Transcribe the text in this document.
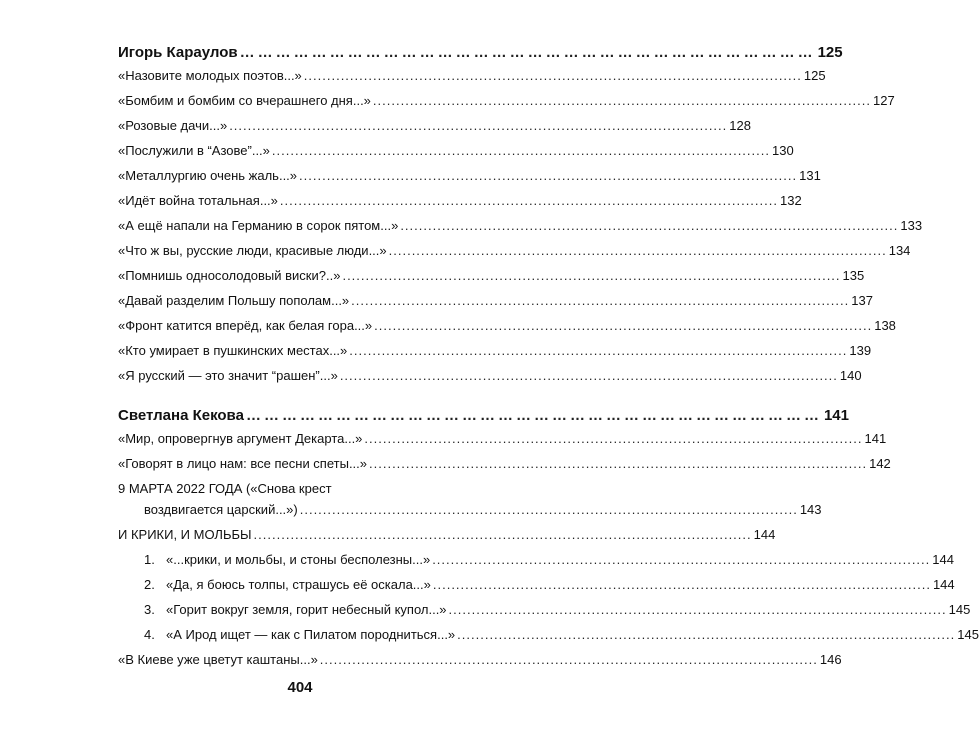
Игорь Караулов …………………………………………………………………………………… 125
«Назовите молодых поэтов...» ............................................................................................................ 125
«Бомбим и бомбим со вчерашнего дня...» ............................................................................................................ 127
«Розовые дачи...» ............................................................................................................ 128
«Послужили в “Азове”...» ............................................................................................................ 130
«Металлургию очень жаль...» ............................................................................................................ 131
«Идёт война тотальная...» ............................................................................................................ 132
«А ещё напали на Германию в сорок пятом...» ............................................................................................................ 133
«Что ж вы, русские люди, красивые люди...» ............................................................................................................ 134
«Помнишь односолодовый виски?..» ............................................................................................................ 135
«Давай разделим Польшу пополам...» ............................................................................................................ 137
«Фронт катится вперёд, как белая гора...» ............................................................................................................ 138
«Кто умирает в пушкинских местах...» ............................................................................................................ 139
«Я русский — это значит “рашен”...» ............................................................................................................ 140
Светлана Кекова …………………………………………………………………………………… 141
«Мир, опровергнув аргумент Декарта...» ............................................................................................................ 141
«Говорят в лицо нам: все песни спеты...» ............................................................................................................ 142
9 МАРТА 2022 ГОДА («Снова крест
воздвигается царский...») ............................................................................................................ 143
И КРИКИ, И МОЛЬБЫ ............................................................................................................ 144
1. «...крики, и мольбы, и стоны бесполезны...» ............................................................................................................ 144
2. «Да, я боюсь толпы, страшусь её оскала...» ............................................................................................................ 144
3. «Горит вокруг земля, горит небесный купол...» ............................................................................................................ 145
4. «А Ирод ищет — как с Пилатом породниться...» ............................................................................................................ 145
«В Киеве уже цветут каштаны...» ............................................................................................................ 146
404
